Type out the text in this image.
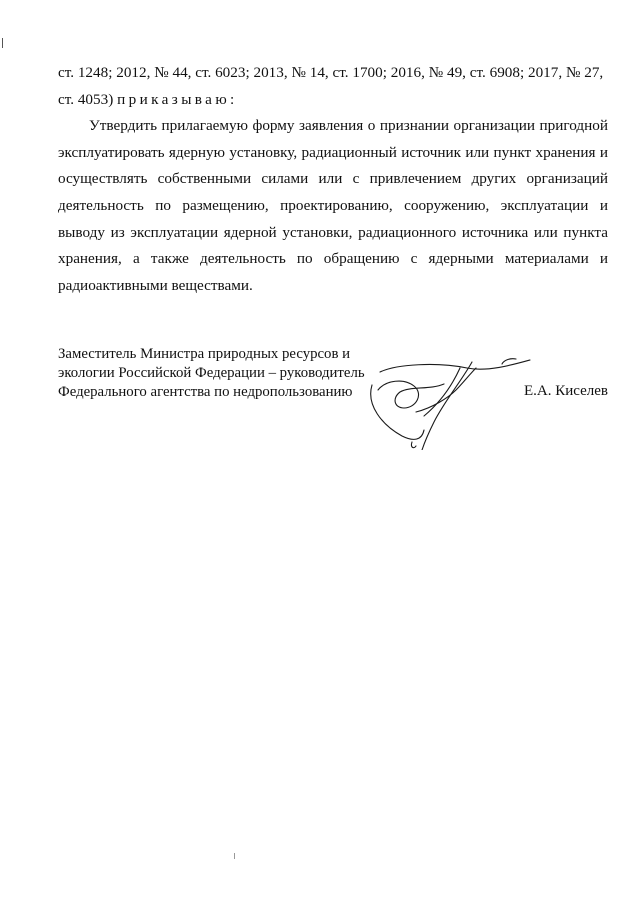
ст. 1248; 2012, № 44, ст. 6023; 2013, № 14, ст. 1700; 2016, № 49, ст. 6908; 2017, № 27,
ст. 4053) приказываю:

Утвердить прилагаемую форму заявления о признании организации пригодной эксплуатировать ядерную установку, радиационный источник или пункт хранения и осуществлять собственными силами или с привлечением других организаций деятельность по размещению, проектированию, сооружению, эксплуатации и выводу из эксплуатации ядерной установки, радиационного источника или пункта хранения, а также деятельность по обращению с ядерными материалами и радиоактивными веществами.

Заместитель Министра природных ресурсов и
экологии Российской Федерации – руководитель
Федерального агентства по недропользованию	Е.А. Киселев
